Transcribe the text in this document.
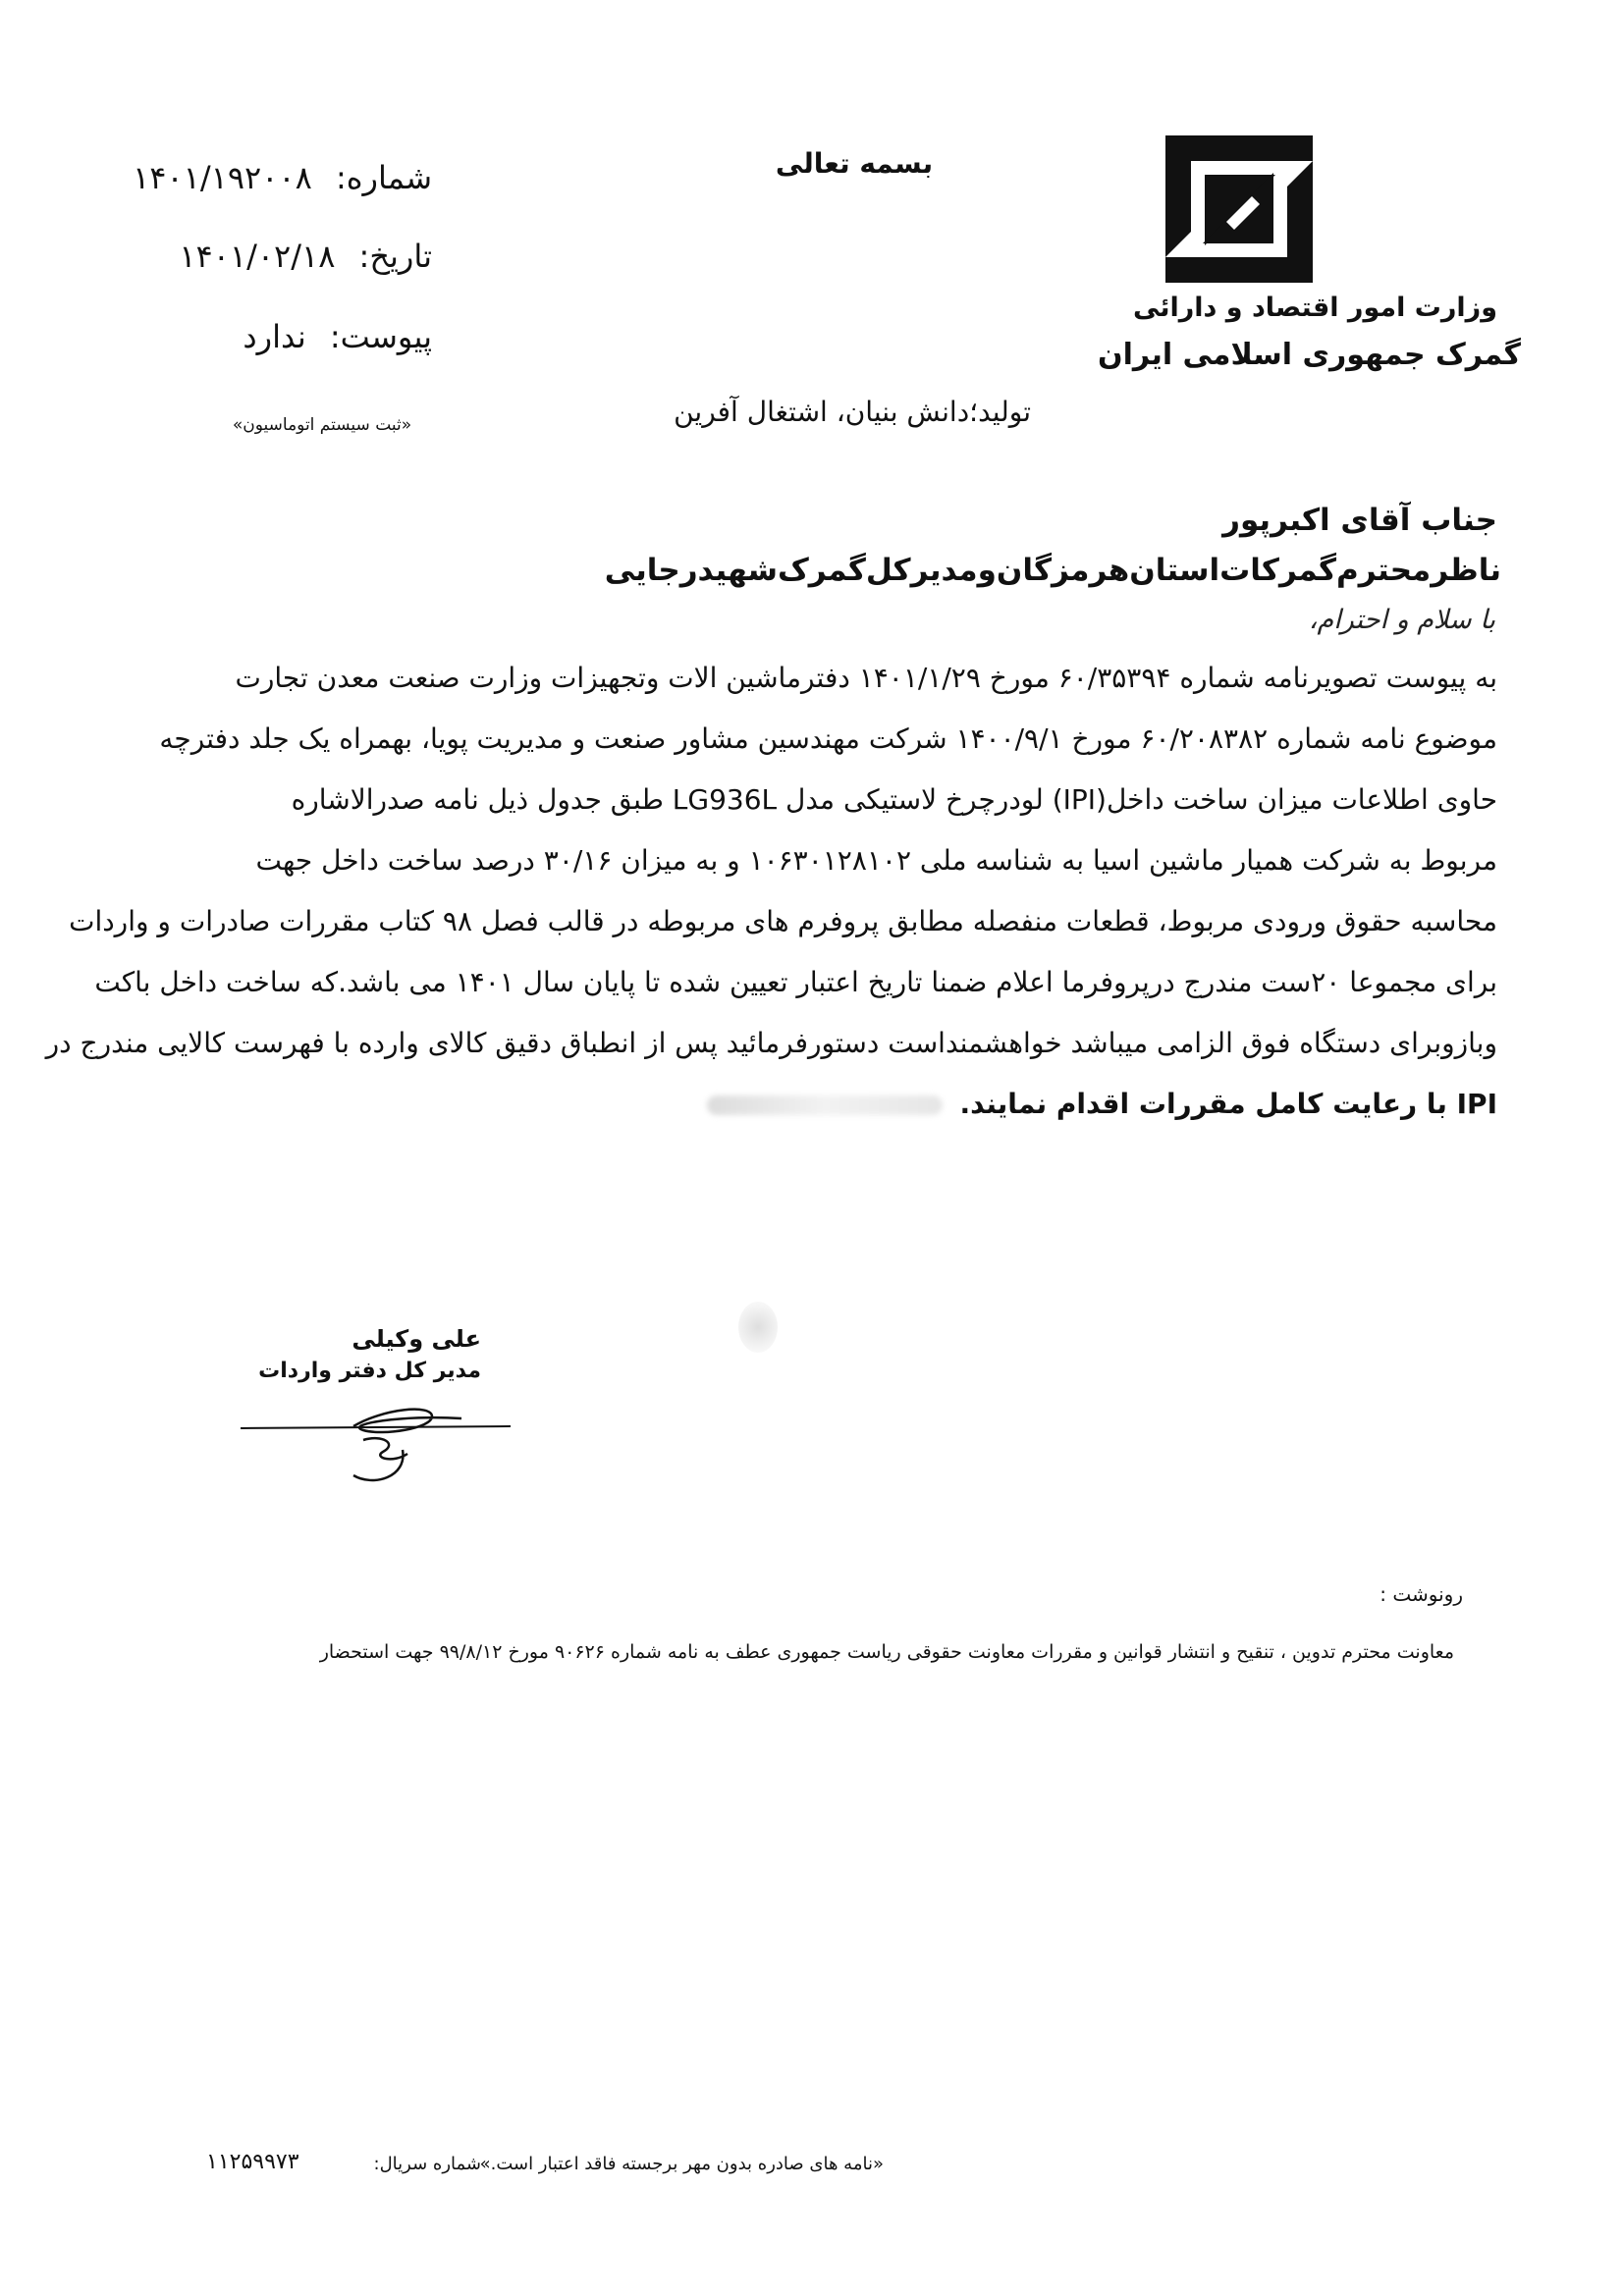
وزارت امور اقتصاد و دارائی
گمرک جمهوری اسلامی ایران
بسمه تعالی
شماره: ۱۴۰۱/۱۹۲۰۰۸
تاریخ: ۱۴۰۱/۰۲/۱۸
پیوست: ندارد
«ثبت سیستم اتوماسیون»	تولید؛دانش بنیان، اشتغال آفرین
جناب آقای اکبرپور
ناظرمحترم‌گمرکات‌استان‌هرمزگان‌ومدیرکل‌گمرک‌شهیدرجایی
با سلام و احترام،
به پیوست تصویرنامه شماره ۶۰/۳۵۳۹۴ مورخ ۱۴۰۱/۱/۲۹ دفترماشین الات وتجهیزات وزارت صنعت معدن تجارت
موضوع نامه شماره ۶۰/۲۰۸۳۸۲ مورخ ۱۴۰۰/۹/۱ شرکت مهندسین مشاور صنعت و مدیریت پویا، بهمراه یک جلد دفترچه
حاوی اطلاعات میزان ساخت داخل(IPI) لودرچرخ لاستیکی مدل LG936L طبق جدول ذیل نامه صدرالاشاره
مربوط به شرکت همیار ماشین اسیا به شناسه ملی ۱۰۶۳۰۱۲۸۱۰۲ و به میزان ۳۰/۱۶ درصد ساخت داخل جهت
محاسبه حقوق ورودی مربوط، قطعات منفصله مطابق پروفرم های مربوطه در قالب فصل ۹۸ کتاب مقررات صادرات و واردات
برای مجموعا ۲۰ست مندرج درپروفرما اعلام ضمنا تاریخ اعتبار تعیین شده تا پایان سال ۱۴۰۱ می باشد.که ساخت داخل باکت
وبازوبرای دستگاه فوق الزامی میباشد خواهشمنداست دستورفرمائید پس از انطباق دقیق کالای وارده با فهرست کالایی مندرج در
IPI با رعایت کامل مقررات اقدام نمایند.
علی وکیلی
مدیر کل دفتر واردات
رونوشت :
معاونت محترم تدوین ، تنقیح و انتشار قوانین و مقررات معاونت حقوقی ریاست جمهوری عطف به نامه شماره ۹۰۶۲۶ مورخ ۹۹/۸/۱۲ جهت استحضار
«نامه های صادره بدون مهر برجسته فاقد اعتبار است.»
شماره سریال:
۱۱۲۵۹۹۷۳
